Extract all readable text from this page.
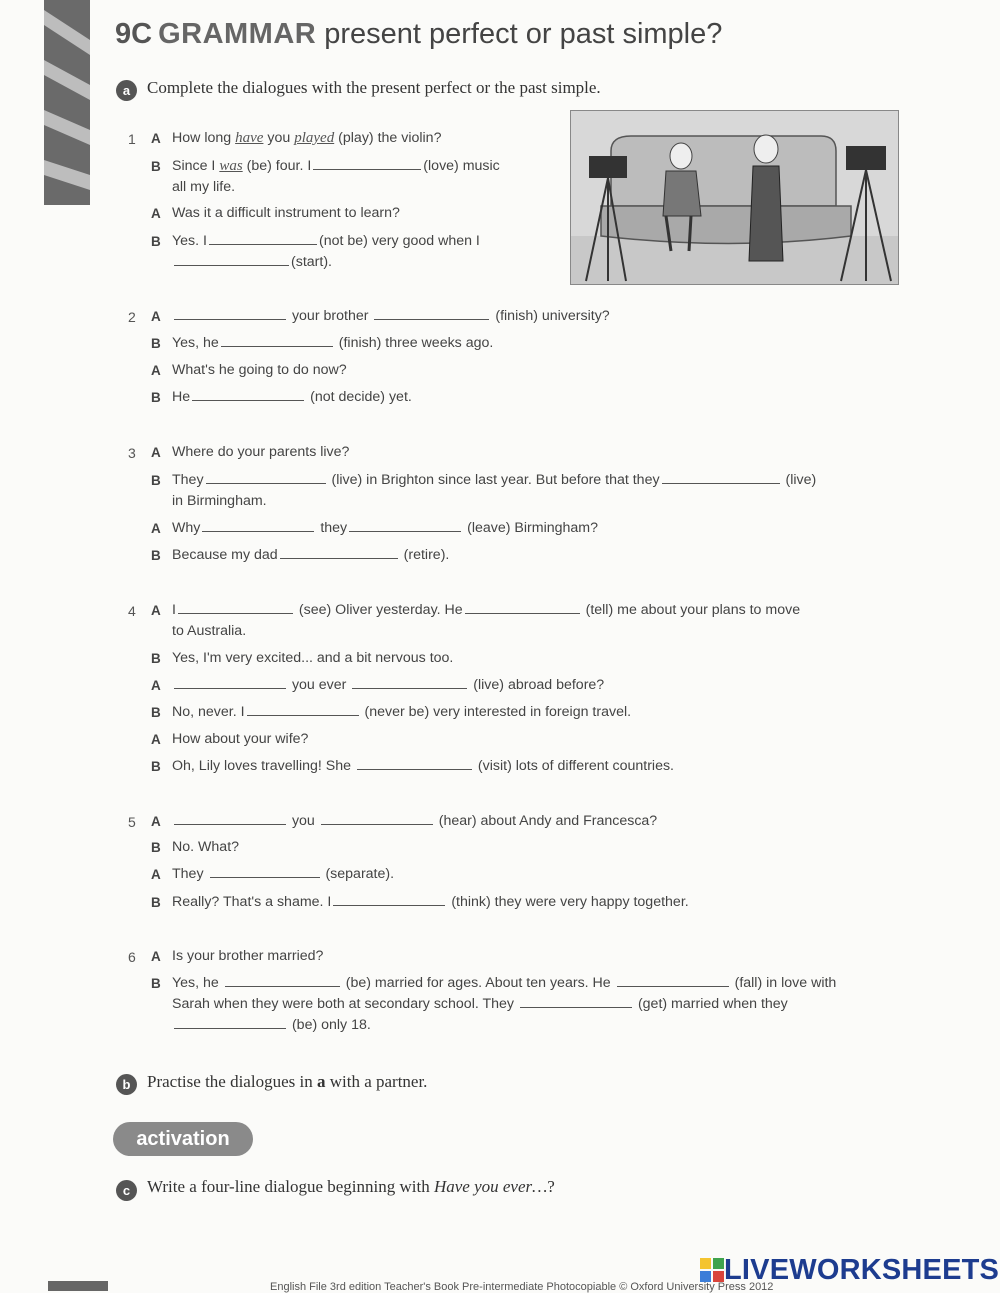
9C GRAMMAR present perfect or past simple?
a Complete the dialogues with the present perfect or the past simple.
1 A How long have you played (play) the violin?
B Since I was (be) four. I	(love) music
all my life.
A Was it a difficult instrument to learn?
B Yes. I	(not be) very good when I
(start).
2 A	your brother	(finish) university?
B Yes, he	(finish) three weeks ago.
A What's he going to do now?
B He	(not decide) yet.
3 A Where do your parents live?
B They	(live) in Brighton since last year. But before that they	(live)
in Birmingham.
A Why	they	(leave) Birmingham?
B Because my dad	(retire).
4 A I	(see) Oliver yesterday. He	(tell) me about your plans to move
to Australia.
B Yes, I'm very excited... and a bit nervous too.
A	you ever	(live) abroad before?
B No, never. I	(never be) very interested in foreign travel.
A How about your wife?
B Oh, Lily loves travelling! She	(visit) lots of different countries.
5 A	you	(hear) about Andy and Francesca?
B No. What?
A They	(separate).
B Really? That's a shame. I	(think) they were very happy together.
6 A Is your brother married?
B Yes, he	(be) married for ages. About ten years. He	(fall) in love with
Sarah when they were both at secondary school. They	(get) married when they
(be) only 18.
b Practise the dialogues in a with a partner.
activation
c Write a four-line dialogue beginning with Have you ever…?
LIVEWORKSHEETS
English File 3rd edition Teacher's Book Pre-intermediate Photocopiable © Oxford University Press 2012
